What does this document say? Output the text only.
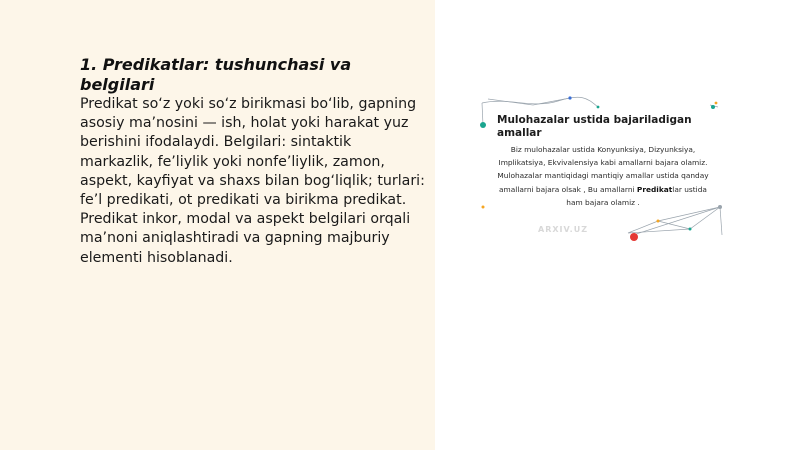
1. Predikatlar: tushunchasi va belgilari

Predikat so‘z yoki so‘z birikmasi bo‘lib, gapning asosiy ma’nosini — ish, holat yoki harakat yuz berishini ifodalaydi. Belgilari: sintaktik markazlik, fe’liylik yoki nonfe’liylik, zamon, aspekt, kayfiyat va shaxs bilan bog‘liqlik; turlari: fe’l predikati, ot predikati va birikma predikat. Predikat inkor, modal va aspekt belgilari orqali ma’noni aniqlashtiradi va gapning majburiy elementi hisoblanadi.

Mulohazalar ustida bajariladigan amallar
Biz mulohazalar ustida Konyunksiya, Dizyunksiya, Implikatsiya, Ekvivalensiya kabi amallarni bajara olamiz. Mulohazalar mantiqidagi mantiqiy amallar ustida qanday amallarni bajara olsak , Bu amallarni Predikatlar ustida ham bajara olamiz .
ARXIV.UZ
